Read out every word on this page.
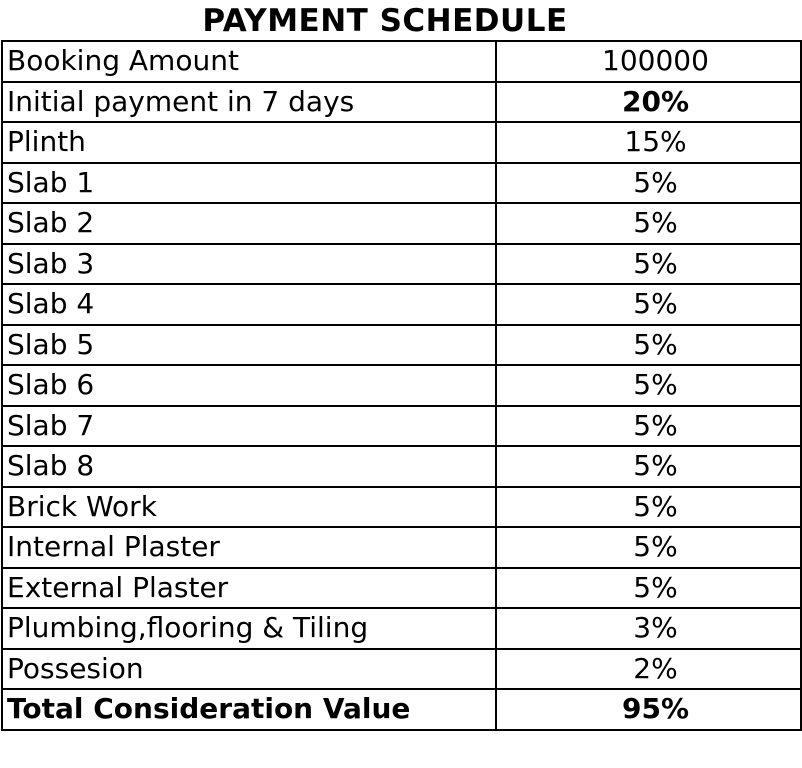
PAYMENT SCHEDULE
Booking Amount	100000
Initial payment in 7 days	20%
Plinth	15%
Slab 1	5%
Slab 2	5%
Slab 3	5%
Slab 4	5%
Slab 5	5%
Slab 6	5%
Slab 7	5%
Slab 8	5%
Brick Work	5%
Internal Plaster	5%
External Plaster	5%
Plumbing,flooring & Tiling	3%
Possesion	2%
Total Consideration Value	95%
